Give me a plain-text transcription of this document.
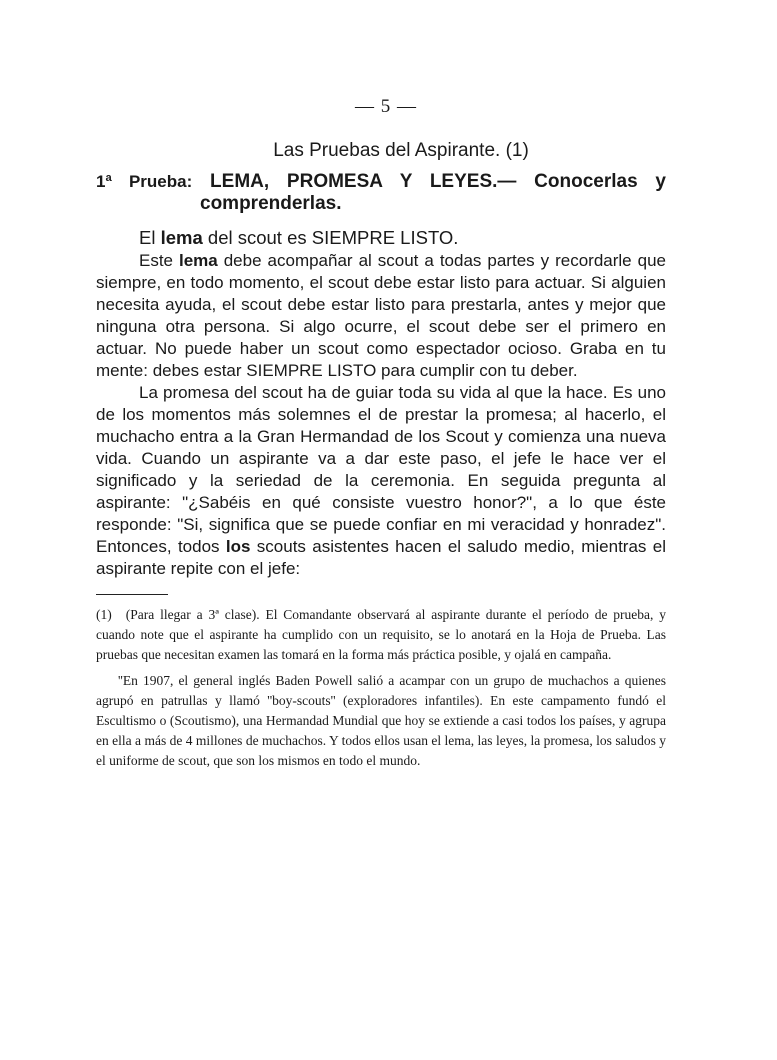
— 5 —
Las Pruebas del Aspirante. (1)
1ª Prueba: LEMA, PROMESA Y LEYES.— Conocerlas y comprenderlas.

El lema del scout es SIEMPRE LISTO.

Este lema debe acompañar al scout a todas partes y recordarle que siempre, en todo momento, el scout debe estar listo para actuar. Si alguien necesita ayuda, el scout debe estar listo para prestarla, antes y mejor que ninguna otra persona. Si algo ocurre, el scout debe ser el primero en actuar. No puede haber un scout como espectador ocioso. Graba en tu mente: debes estar SIEMPRE LISTO para cumplir con tu deber.

La promesa del scout ha de guiar toda su vida al que la hace. Es uno de los momentos más solemnes el de prestar la promesa; al hacerlo, el muchacho entra a la Gran Hermandad de los Scout y comienza una nueva vida. Cuando un aspirante va a dar este paso, el jefe le hace ver el significado y la seriedad de la ceremonia. En seguida pregunta al aspirante: "¿Sabéis en qué consiste vuestro honor?", a lo que éste responde: "Si, significa que se puede confiar en mi veracidad y honradez". Entonces, todos los scouts asistentes hacen el saludo medio, mientras el aspirante repite con el jefe:

(1) (Para llegar a 3ª clase). El Comandante observará al aspirante durante el período de prueba, y cuando note que el aspirante ha cumplido con un requisito, se lo anotará en la Hoja de Prueba. Las pruebas que necesitan examen las tomará en la forma más práctica posible, y ojalá en campaña.

''En 1907, el general inglés Baden Powell salió a acampar con un grupo de muchachos a quienes agrupó en patrullas y llamó ''boy-scouts'' (exploradores infantiles). En este campamento fundó el Escultismo o (Scoutismo), una Hermandad Mundial que hoy se extiende a casi todos los países, y agrupa en ella a más de 4 millones de muchachos. Y todos ellos usan el lema, las leyes, la promesa, los saludos y el uniforme de scout, que son los mismos en todo el mundo.
